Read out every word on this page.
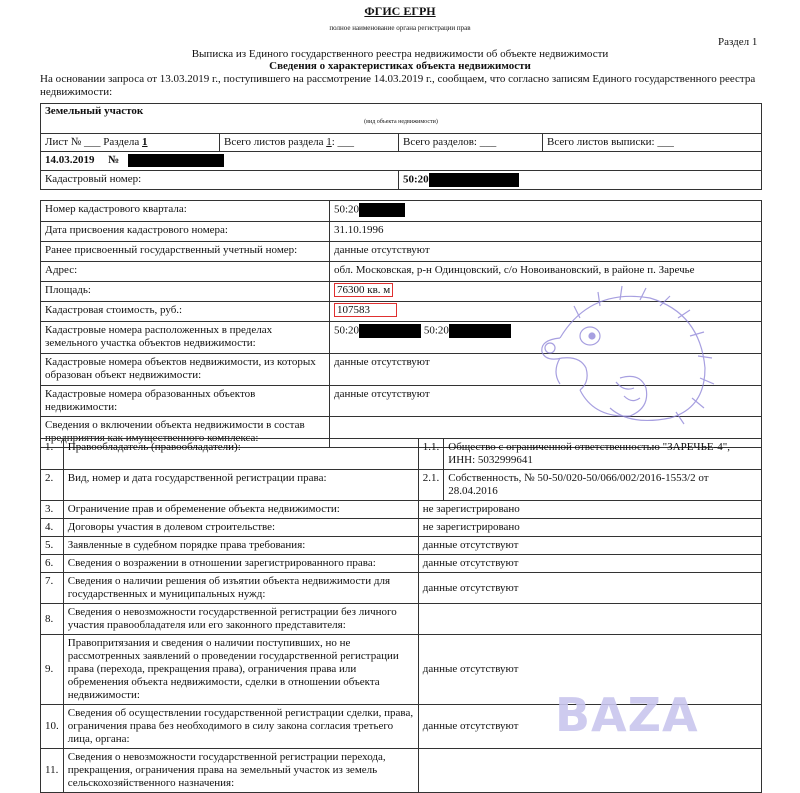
ФГИС ЕГРН
полное наименование органа регистрации прав
Раздел 1
Выписка из Единого государственного реестра недвижимости об объекте недвижимости
Сведения о характеристиках объекта недвижимости
На основании запроса от 13.03.2019 г., поступившего на рассмотрение 14.03.2019 г., сообщаем, что согласно записям Единого государственного реестра недвижимости:
Земельный участок
(вид объекта недвижимости)			

Лист № ___ Раздела 1	Всего листов раздела 1: ___	Всего разделов: ___	Всего листов выписки: ___
14.03.2019 №			
Кадастровый номер:		50:20	
Номер кадастрового квартала:	50:20
Дата присвоения кадастрового номера:	31.10.1996
Ранее присвоенный государственный учетный номер:	данные отсутствуют
Адрес:	обл. Московская, р-н Одинцовский, с/о Новоивановский, в районе п. Заречье
Площадь:	76300 кв. м
Кадастровая стоимость, руб.:	107583
Кадастровые номера расположенных в пределах земельного участка объектов недвижимости:	50:20 50:20
Кадастровые номера объектов недвижимости, из которых образован объект недвижимости:	данные отсутствуют
Кадастровые номера образованных объектов недвижимости:	данные отсутствуют
Сведения о включении объекта недвижимости в состав предприятия как имущественного комплекса:	
1.	Правообладатель (правообладатели):	1.1.	Общество с ограниченной ответственностью "ЗАРЕЧЬЕ-4", ИНН: 5032999641
2.	Вид, номер и дата государственной регистрации права:	2.1.	Собственность, № 50-50/020-50/066/002/2016-1553/2 от 28.04.2016
3.	Ограничение прав и обременение объекта недвижимости:	не зарегистрировано	
4.	Договоры участия в долевом строительстве:	не зарегистрировано	
5.	Заявленные в судебном порядке права требования:	данные отсутствуют	
6.	Сведения о возражении в отношении зарегистрированного права:	данные отсутствуют	
7.	Сведения о наличии решения об изъятии объекта недвижимости для государственных и муниципальных нужд:	данные отсутствуют	
8.	Сведения о невозможности государственной регистрации без личного участия правообладателя или его законного представителя:		
9.	Правопритязания и сведения о наличии поступивших, но не рассмотренных заявлений о проведении государственной регистрации права (перехода, прекращения права), ограничения права или обременения объекта недвижимости, сделки в отношении объекта недвижимости:	данные отсутствуют	
10.	Сведения об осуществлении государственной регистрации сделки, права, ограничения права без необходимого в силу закона согласия третьего лица, органа:	данные отсутствуют	
11.	Сведения о невозможности государственной регистрации перехода, прекращения, ограничения права на земельный участок из земель сельскохозяйственного назначения:		
BAZA
